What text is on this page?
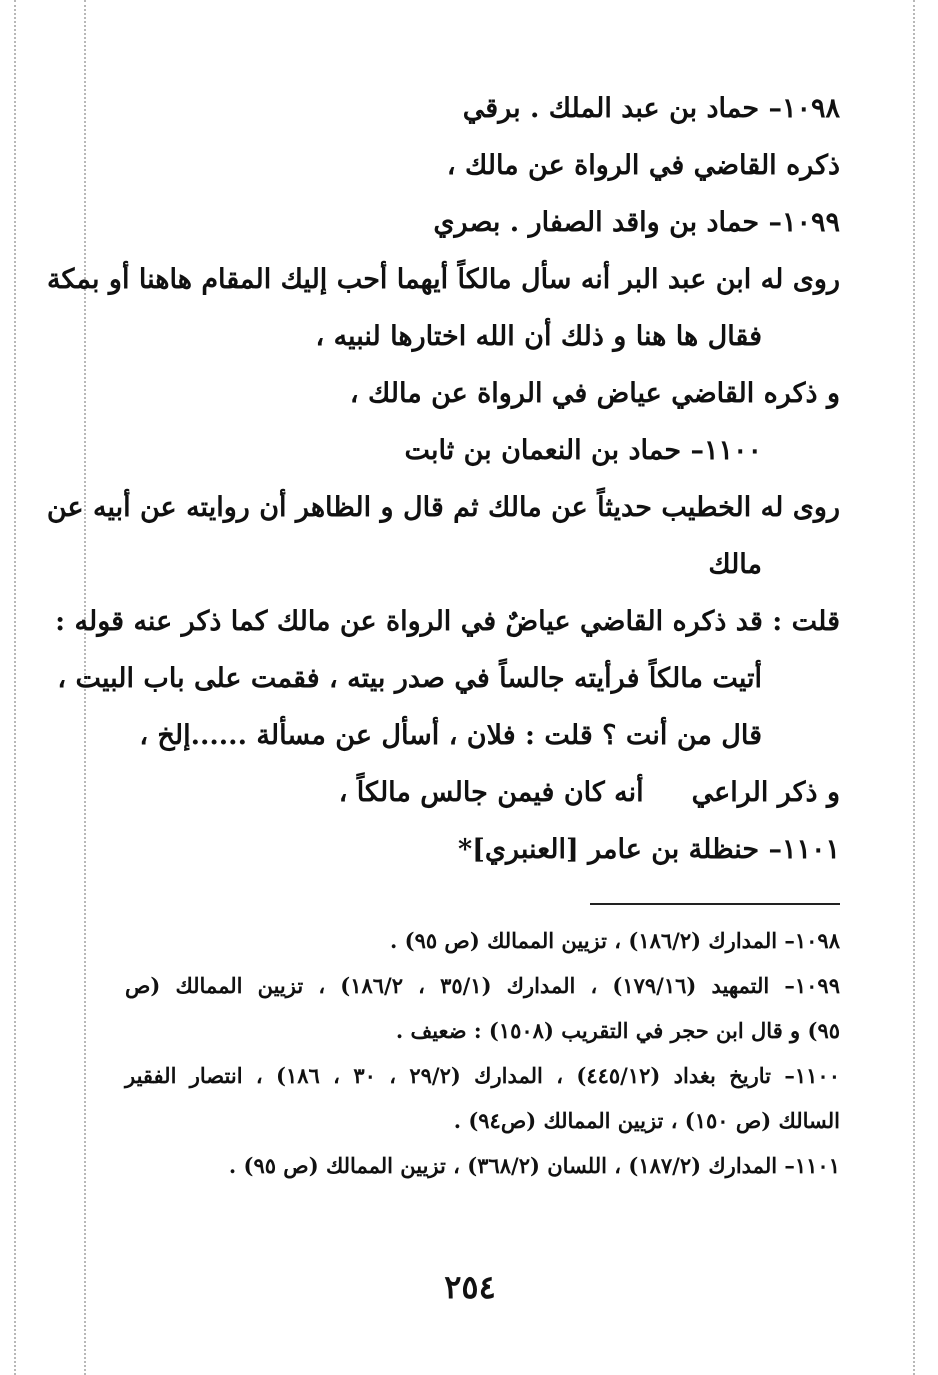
١٠٩٨– حماد بن عبد الملك . برقي
ذكره القاضي في الرواة عن مالك ،
١٠٩٩– حماد بن واقد الصفار . بصري
روى له ابن عبد البر أنه سأل مالكاً أيهما أحب إليك المقام هاهنا أو بمكة
فقال ها هنا و ذلك أن الله اختارها لنبيه ،
و ذكره القاضي عياض في الرواة عن مالك ،
١١٠٠– حماد بن النعمان بن ثابت
روى له الخطيب حديثاً عن مالك ثم قال و الظاهر أن روايته عن أبيه عن
مالك
قلت : قد ذكره القاضي عياضٌ في الرواة عن مالك كما ذكر عنه قوله :
أتيت مالكاً فرأيته جالساً في صدر بيته ، فقمت على باب البيت ،
قال من أنت ؟ قلت : فلان ، أسأل عن مسألة ......إلخ ،
و ذكر الراعيأنه كان فيمن جالس مالكاً ،
١١٠١– حنظلة بن عامر [العنبري]*
١٠٩٨– المدارك (١٨٦/٢) ، تزيين الممالك (ص ٩٥) .
١٠٩٩– التمهيد (١٧٩/١٦) ، المدارك (٣٥/١ ، ١٨٦/٢) ، تزيين الممالك (ص
٩٥) و قال ابن حجر في التقريب (١٥٠٨) : ضعيف .
١١٠٠– تاريخ بغداد (٤٤٥/١٢) ، المدارك (٢٩/٢ ، ٣٠ ، ١٨٦) ، انتصار الفقير
السالك (ص ١٥٠) ، تزيين الممالك (ص٩٤) .
١١٠١– المدارك (١٨٧/٢) ، اللسان (٣٦٨/٢) ، تزيين الممالك (ص ٩٥) .
٢٥٤
